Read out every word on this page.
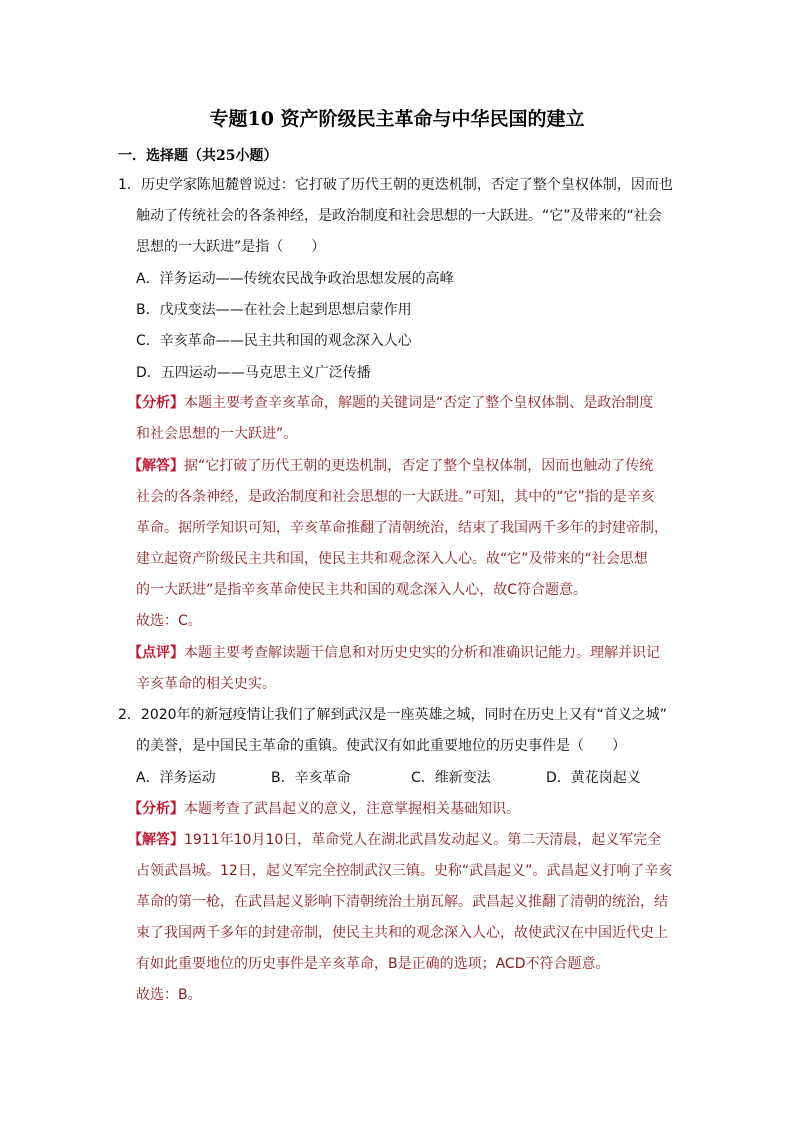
专题10 资产阶级民主革命与中华民国的建立
一．选择题（共25小题）
1．历史学家陈旭麓曾说过：它打破了历代王朝的更迭机制，否定了整个皇权体制，因而也
触动了传统社会的各条神经，是政治制度和社会思想的一大跃进。“它”及带来的“社会
思想的一大跃进”是指（　　）
A．洋务运动——传统农民战争政治思想发展的高峰
B．戊戌变法——在社会上起到思想启蒙作用
C．辛亥革命——民主共和国的观念深入人心
D．五四运动——马克思主义广泛传播
【分析】本题主要考查辛亥革命，解题的关键词是“否定了整个皇权体制、是政治制度
和社会思想的一大跃进”。
【解答】据“它打破了历代王朝的更迭机制，否定了整个皇权体制，因而也触动了传统
社会的各条神经，是政治制度和社会思想的一大跃进。”可知，其中的“它”指的是辛亥
革命。据所学知识可知，辛亥革命推翻了清朝统治，结束了我国两千多年的封建帝制，
建立起资产阶级民主共和国，使民主共和观念深入人心。故“它”及带来的“社会思想
的一大跃进”是指辛亥革命使民主共和国的观念深入人心，故C符合题意。
故选：C。
【点评】本题主要考查解读题干信息和对历史史实的分析和准确识记能力。理解并识记
辛亥革命的相关史实。
2．2020年的新冠疫情让我们了解到武汉是一座英雄之城，同时在历史上又有“首义之城”
的美誉，是中国民主革命的重镇。使武汉有如此重要地位的历史事件是（　　）
A．洋务运动	B．辛亥革命	C．维新变法	D．黄花岗起义
【分析】本题考查了武昌起义的意义，注意掌握相关基础知识。
【解答】1911年10月10日，革命党人在湖北武昌发动起义。第二天清晨，起义军完全
占领武昌城。12日，起义军完全控制武汉三镇。史称“武昌起义”。武昌起义打响了辛亥
革命的第一枪，在武昌起义影响下清朝统治土崩瓦解。武昌起义推翻了清朝的统治，结
束了我国两千多年的封建帝制，使民主共和的观念深入人心，故使武汉在中国近代史上
有如此重要地位的历史事件是辛亥革命，B是正确的选项；ACD不符合题意。
故选：B。
